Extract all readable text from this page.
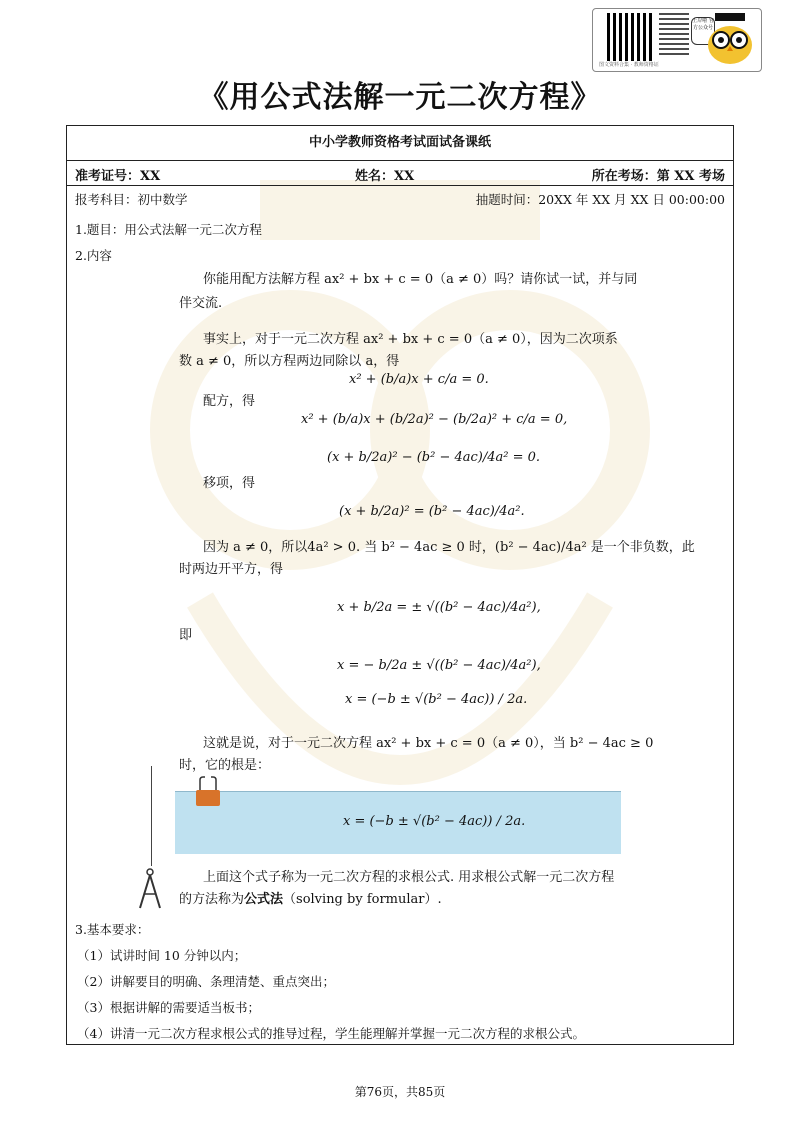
上岸啦 官方公众号
图文资料合集 · 教师资格证
《用公式法解一元二次方程》
中小学教师资格考试面试备课纸
准考证号：XX	姓名：XX	所在考场：第 XX 考场
报考科目：初中数学	抽题时间：20XX 年 XX 月 XX 日 00:00:00
1.题目：用公式法解一元二次方程
2.内容
你能用配方法解方程 ax² + bx + c = 0（a ≠ 0）吗？请你试一试，并与同
伴交流.
事实上，对于一元二次方程 ax² + bx + c = 0（a ≠ 0），因为二次项系
数 a ≠ 0，所以方程两边同除以 a，得
x² + (b/a)x + c/a = 0.
配方，得
x² + (b/a)x + (b/2a)² − (b/2a)² + c/a = 0,
(x + b/2a)² − (b² − 4ac)/4a² = 0.
移项，得
(x + b/2a)² = (b² − 4ac)/4a².
因为 a ≠ 0，所以4a² > 0. 当 b² − 4ac ≥ 0 时，(b² − 4ac)/4a² 是一个非负数，此
时两边开平方，得
x + b/2a = ± √((b² − 4ac)/4a²),
即
x = − b/2a ± √((b² − 4ac)/4a²),
x = (−b ± √(b² − 4ac)) / 2a.
这就是说，对于一元二次方程 ax² + bx + c = 0（a ≠ 0），当 b² − 4ac ≥ 0
时，它的根是：
x = (−b ± √(b² − 4ac)) / 2a.
上面这个式子称为一元二次方程的求根公式. 用求根公式解一元二次方程
的方法称为公式法（solving by formular）.
3.基本要求：
（1）试讲时间 10 分钟以内；
（2）讲解要目的明确、条理清楚、重点突出；
（3）根据讲解的需要适当板书；
（4）讲清一元二次方程求根公式的推导过程，学生能理解并掌握一元二次方程的求根公式。
第76页，共85页
